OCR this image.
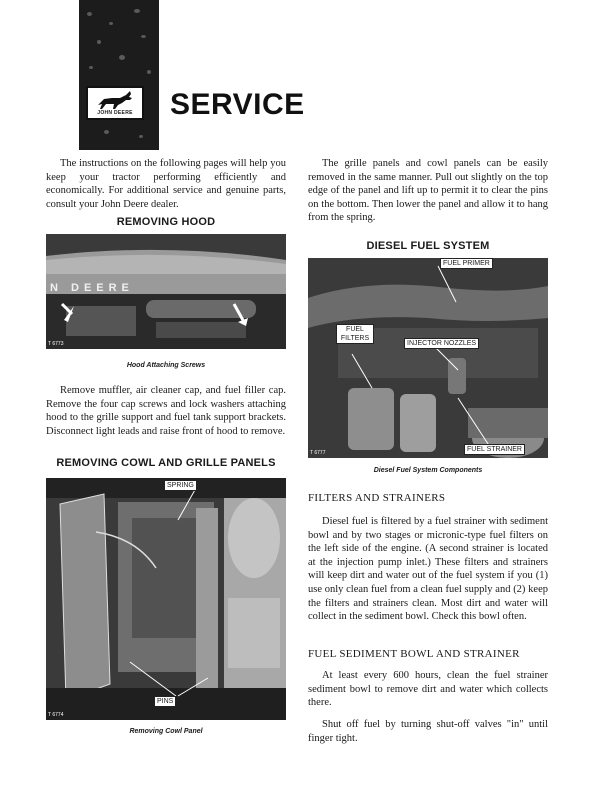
JOHN DEERE	SERVICE

The instructions on the following pages will help you keep your tractor performing efficiently and economically. For additional service and genuine parts, consult your John Deere dealer.

REMOVING HOOD
N DEERE
T 6773
Hood Attaching Screws

Remove muffler, air cleaner cap, and fuel filler cap. Remove the four cap screws and lock washers attaching hood to the grille support and fuel tank support brackets. Disconnect light leads and raise front of hood to remove.

REMOVING COWL AND GRILLE PANELS
SPRING
PINS
T 6774
Removing Cowl Panel

The grille panels and cowl panels can be easily removed in the same manner. Pull out slightly on the top edge of the panel and lift up to permit it to clear the pins on the bottom. Then lower the panel and allow it to hang from the spring.

DIESEL FUEL SYSTEM
FUEL PRIMER
FUEL FILTERS
INJECTOR NOZZLES
FUEL STRAINER
T 6777
Diesel Fuel System Components
FILTERS AND STRAINERS

Diesel fuel is filtered by a fuel strainer with sediment bowl and by two stages or micronic-type fuel filters on the left side of the engine. (A second strainer is located at the injection pump inlet.) These filters and strainers will keep dirt and water out of the fuel system if you (1) use only clean fuel from a clean fuel supply and (2) keep the filters and strainers clean. Most dirt and water will collect in the sediment bowl. Check this bowl often.

FUEL SEDIMENT BOWL AND STRAINER

At least every 600 hours, clean the fuel strainer sediment bowl to remove dirt and water which collects there.

Shut off fuel by turning shut-off valves "in" until finger tight.
